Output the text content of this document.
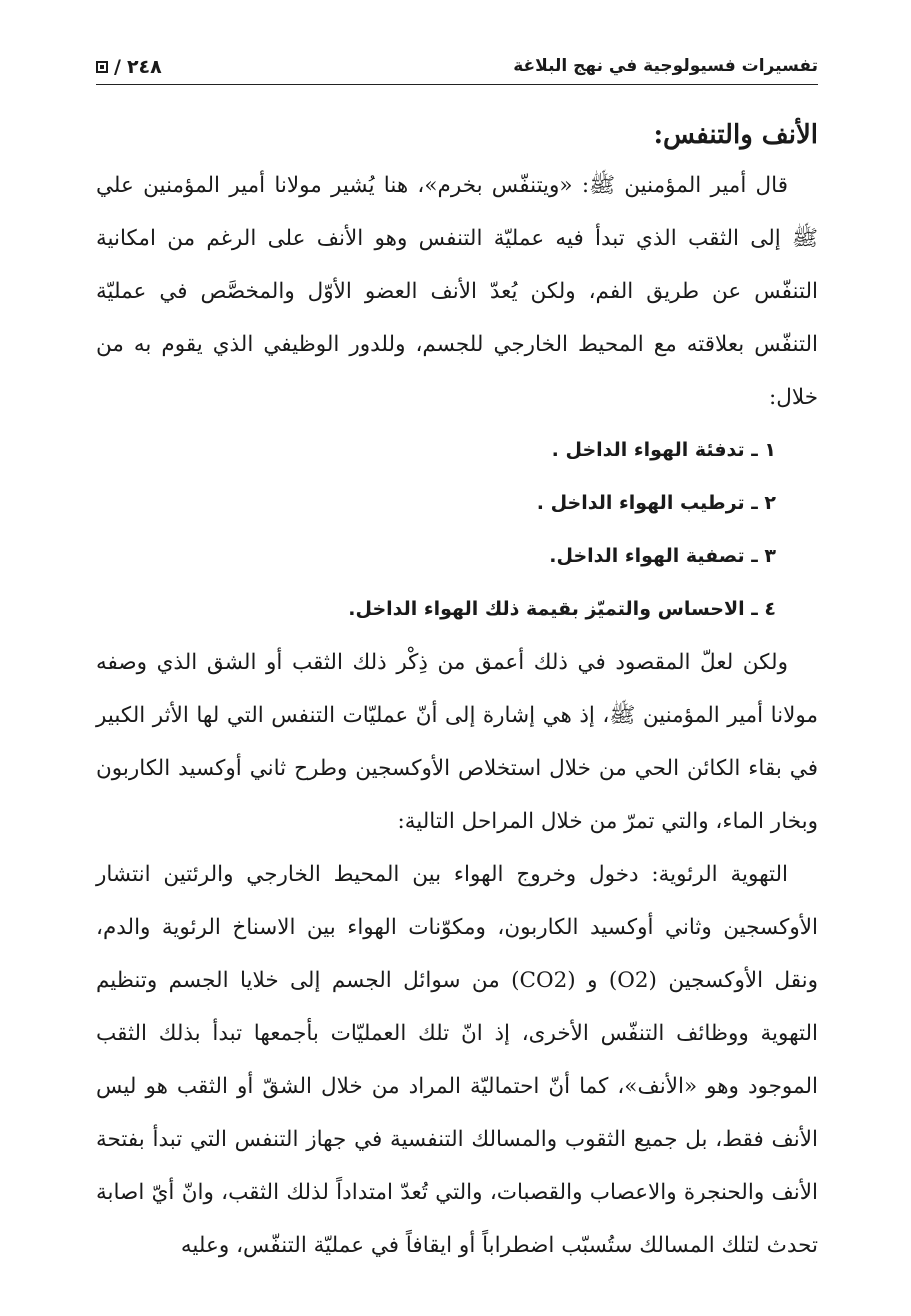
تفسيرات فسيولوجية في نهج البلاغة
٢٤٨
/
الأنف والتنفس:

قال أمير المؤمنين ﷺ: «ويتنفّس بخرم»، هنا يُشير مولانا أمير المؤمنين علي ﷺ إلى الثقب الذي تبدأ فيه عمليّة التنفس وهو الأنف على الرغم من امكانية التنفّس عن طريق الفم، ولكن يُعدّ الأنف العضو الأوّل والمخصَّص في عمليّة التنفّس بعلاقته مع المحيط الخارجي للجسم، وللدور الوظيفي الذي يقوم به من خلال:

١ ـ تدفئة الهواء الداخل .
٢ ـ ترطيب الهواء الداخل .
٣ ـ تصفية الهواء الداخل.
٤ ـ الاحساس والتميّز بقيمة ذلك الهواء الداخل.

ولكن لعلّ المقصود في ذلك أعمق من ذِكْر ذلك الثقب أو الشق الذي وصفه مولانا أمير المؤمنين ﷺ، إذ هي إشارة إلى أنّ عمليّات التنفس التي لها الأثر الكبير في بقاء الكائن الحي من خلال استخلاص الأوكسجين وطرح ثاني أوكسيد الكاربون وبخار الماء، والتي تمرّ من خلال المراحل التالية:

التهوية الرئوية: دخول وخروج الهواء بين المحيط الخارجي والرئتين انتشار الأوكسجين وثاني أوكسيد الكاربون، ومكوّنات الهواء بين الاسناخ الرئوية والدم، ونقل الأوكسجين (O2) و (CO2) من سوائل الجسم إلى خلايا الجسم وتنظيم التهوية ووظائف التنفّس الأخرى، إذ انّ تلك العمليّات بأجمعها تبدأ بذلك الثقب الموجود وهو «الأنف»، كما أنّ احتماليّة المراد من خلال الشقّ أو الثقب هو ليس الأنف فقط، بل جميع الثقوب والمسالك التنفسية في جهاز التنفس التي تبدأ بفتحة الأنف والحنجرة والاعصاب والقصبات، والتي تُعدّ امتداداً لذلك الثقب، وانّ أيّ اصابة تحدث لتلك المسالك ستُسبّب اضطراباً أو ايقافاً في عمليّة التنفّس، وعليه
